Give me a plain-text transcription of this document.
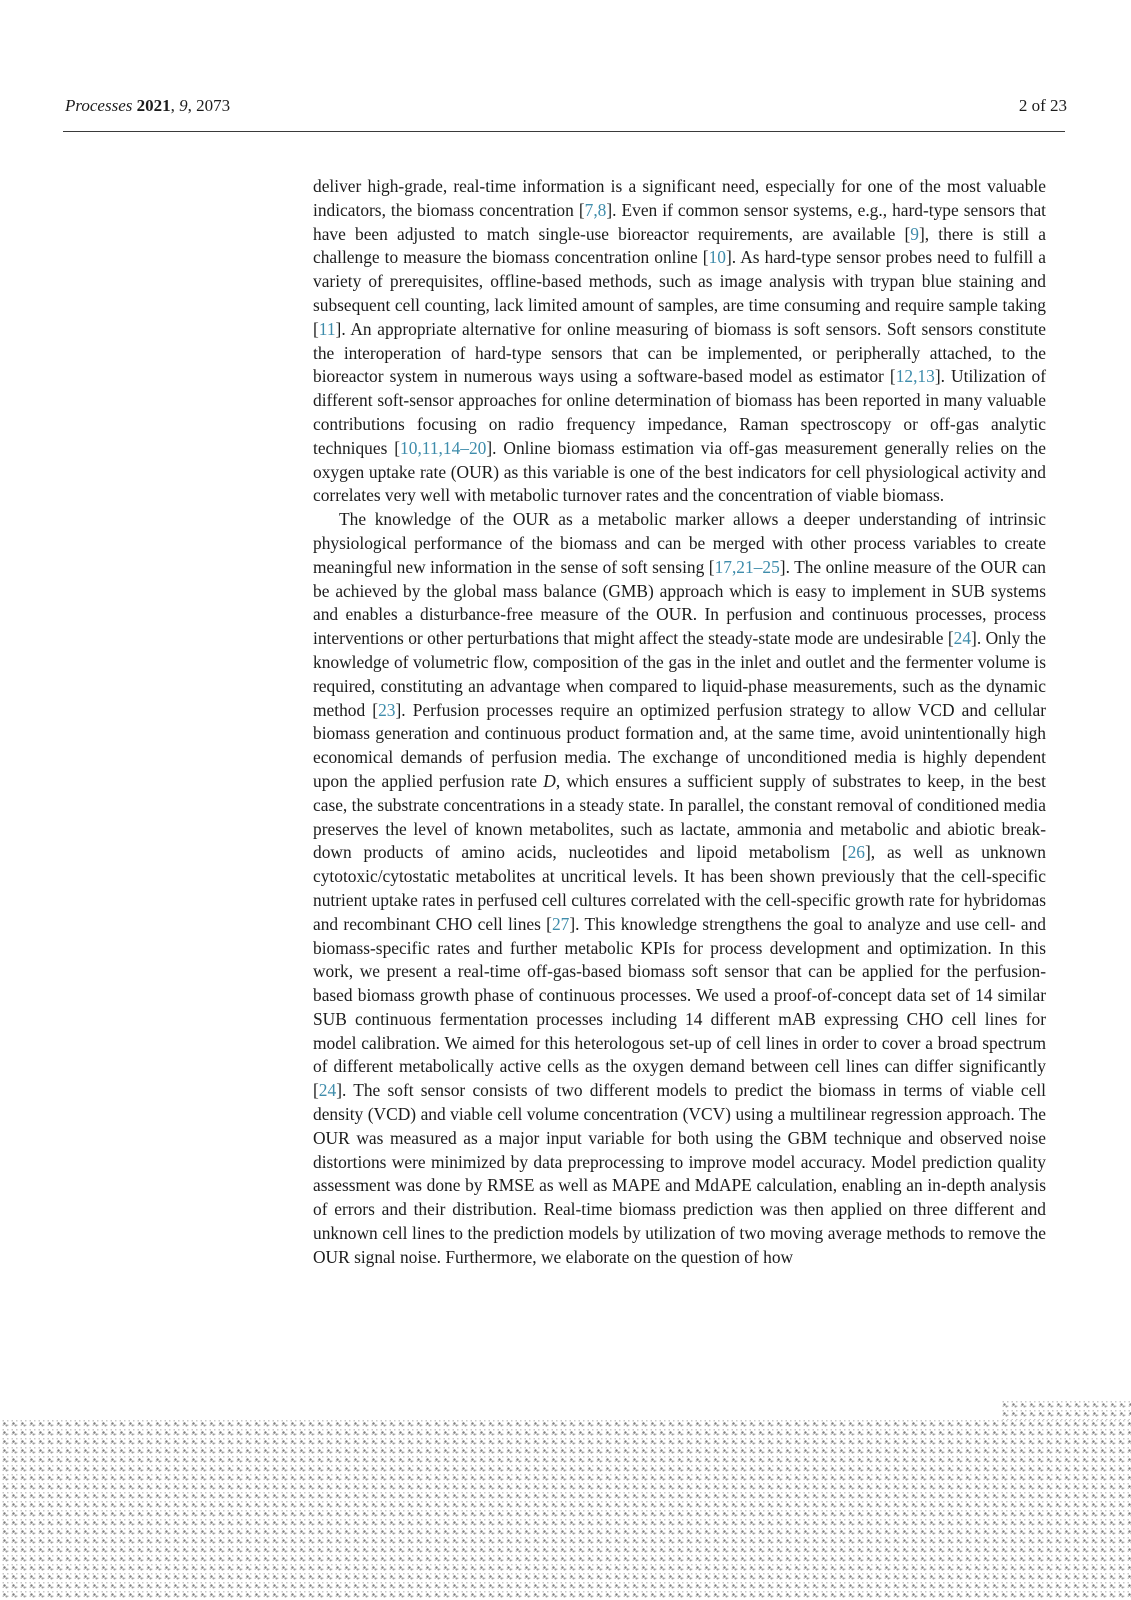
Processes 2021, 9, 2073	2 of 23

deliver high-grade, real-time information is a significant need, especially for one of the most valuable indicators, the biomass concentration [7,8]. Even if common sensor systems, e.g., hard-type sensors that have been adjusted to match single-use bioreactor requirements, are available [9], there is still a challenge to measure the biomass concentration online [10]. As hard-type sensor probes need to fulfill a variety of prerequisites, offline-based methods, such as image analysis with trypan blue staining and subsequent cell counting, lack limited amount of samples, are time consuming and require sample taking [11]. An appropriate alternative for online measuring of biomass is soft sensors. Soft sensors constitute the interoperation of hard-type sensors that can be implemented, or peripherally attached, to the bioreactor system in numerous ways using a software-based model as estimator [12,13]. Utilization of different soft-sensor approaches for online determination of biomass has been reported in many valuable contributions focusing on radio frequency impedance, Raman spectroscopy or off-gas analytic techniques [10,11,14–20]. Online biomass estimation via off-gas measurement generally relies on the oxygen uptake rate (OUR) as this variable is one of the best indicators for cell physiological activity and correlates very well with metabolic turnover rates and the concentration of viable biomass.

The knowledge of the OUR as a metabolic marker allows a deeper understanding of intrinsic physiological performance of the biomass and can be merged with other process variables to create meaningful new information in the sense of soft sensing [17,21–25]. The online measure of the OUR can be achieved by the global mass balance (GMB) approach which is easy to implement in SUB systems and enables a disturbance-free measure of the OUR. In perfusion and continuous processes, process interventions or other perturbations that might affect the steady-state mode are undesirable [24]. Only the knowledge of volumetric flow, composition of the gas in the inlet and outlet and the fermenter volume is required, constituting an advantage when compared to liquid-phase measurements, such as the dynamic method [23]. Perfusion processes require an optimized perfusion strategy to allow VCD and cellular biomass generation and continuous product formation and, at the same time, avoid unintentionally high economical demands of perfusion media. The exchange of unconditioned media is highly dependent upon the applied perfusion rate D, which ensures a sufficient supply of substrates to keep, in the best case, the substrate concentrations in a steady state. In parallel, the constant removal of conditioned media preserves the level of known metabolites, such as lactate, ammonia and metabolic and abiotic break-down products of amino acids, nucleotides and lipoid metabolism [26], as well as unknown cytotoxic/cytostatic metabolites at uncritical levels. It has been shown previously that the cell-specific nutrient uptake rates in perfused cell cultures correlated with the cell-specific growth rate for hybridomas and recombinant CHO cell lines [27]. This knowledge strengthens the goal to analyze and use cell- and biomass-specific rates and further metabolic KPIs for process development and optimization. In this work, we present a real-time off-gas-based biomass soft sensor that can be applied for the perfusion-based biomass growth phase of continuous processes. We used a proof-of-concept data set of 14 similar SUB continuous fermentation processes including 14 different mAB expressing CHO cell lines for model calibration. We aimed for this heterologous set-up of cell lines in order to cover a broad spectrum of different metabolically active cells as the oxygen demand between cell lines can differ significantly [24]. The soft sensor consists of two different models to predict the biomass in terms of viable cell density (VCD) and viable cell volume concentration (VCV) using a multilinear regression approach. The OUR was measured as a major input variable for both using the GBM technique and observed noise distortions were minimized by data preprocessing to improve model accuracy. Model prediction quality assessment was done by RMSE as well as MAPE and MdAPE calculation, enabling an in-depth analysis of errors and their distribution. Real-time biomass prediction was then applied on three different and unknown cell lines to the prediction models by utilization of two moving average methods to remove the OUR signal noise. Furthermore, we elaborate on the question of how
